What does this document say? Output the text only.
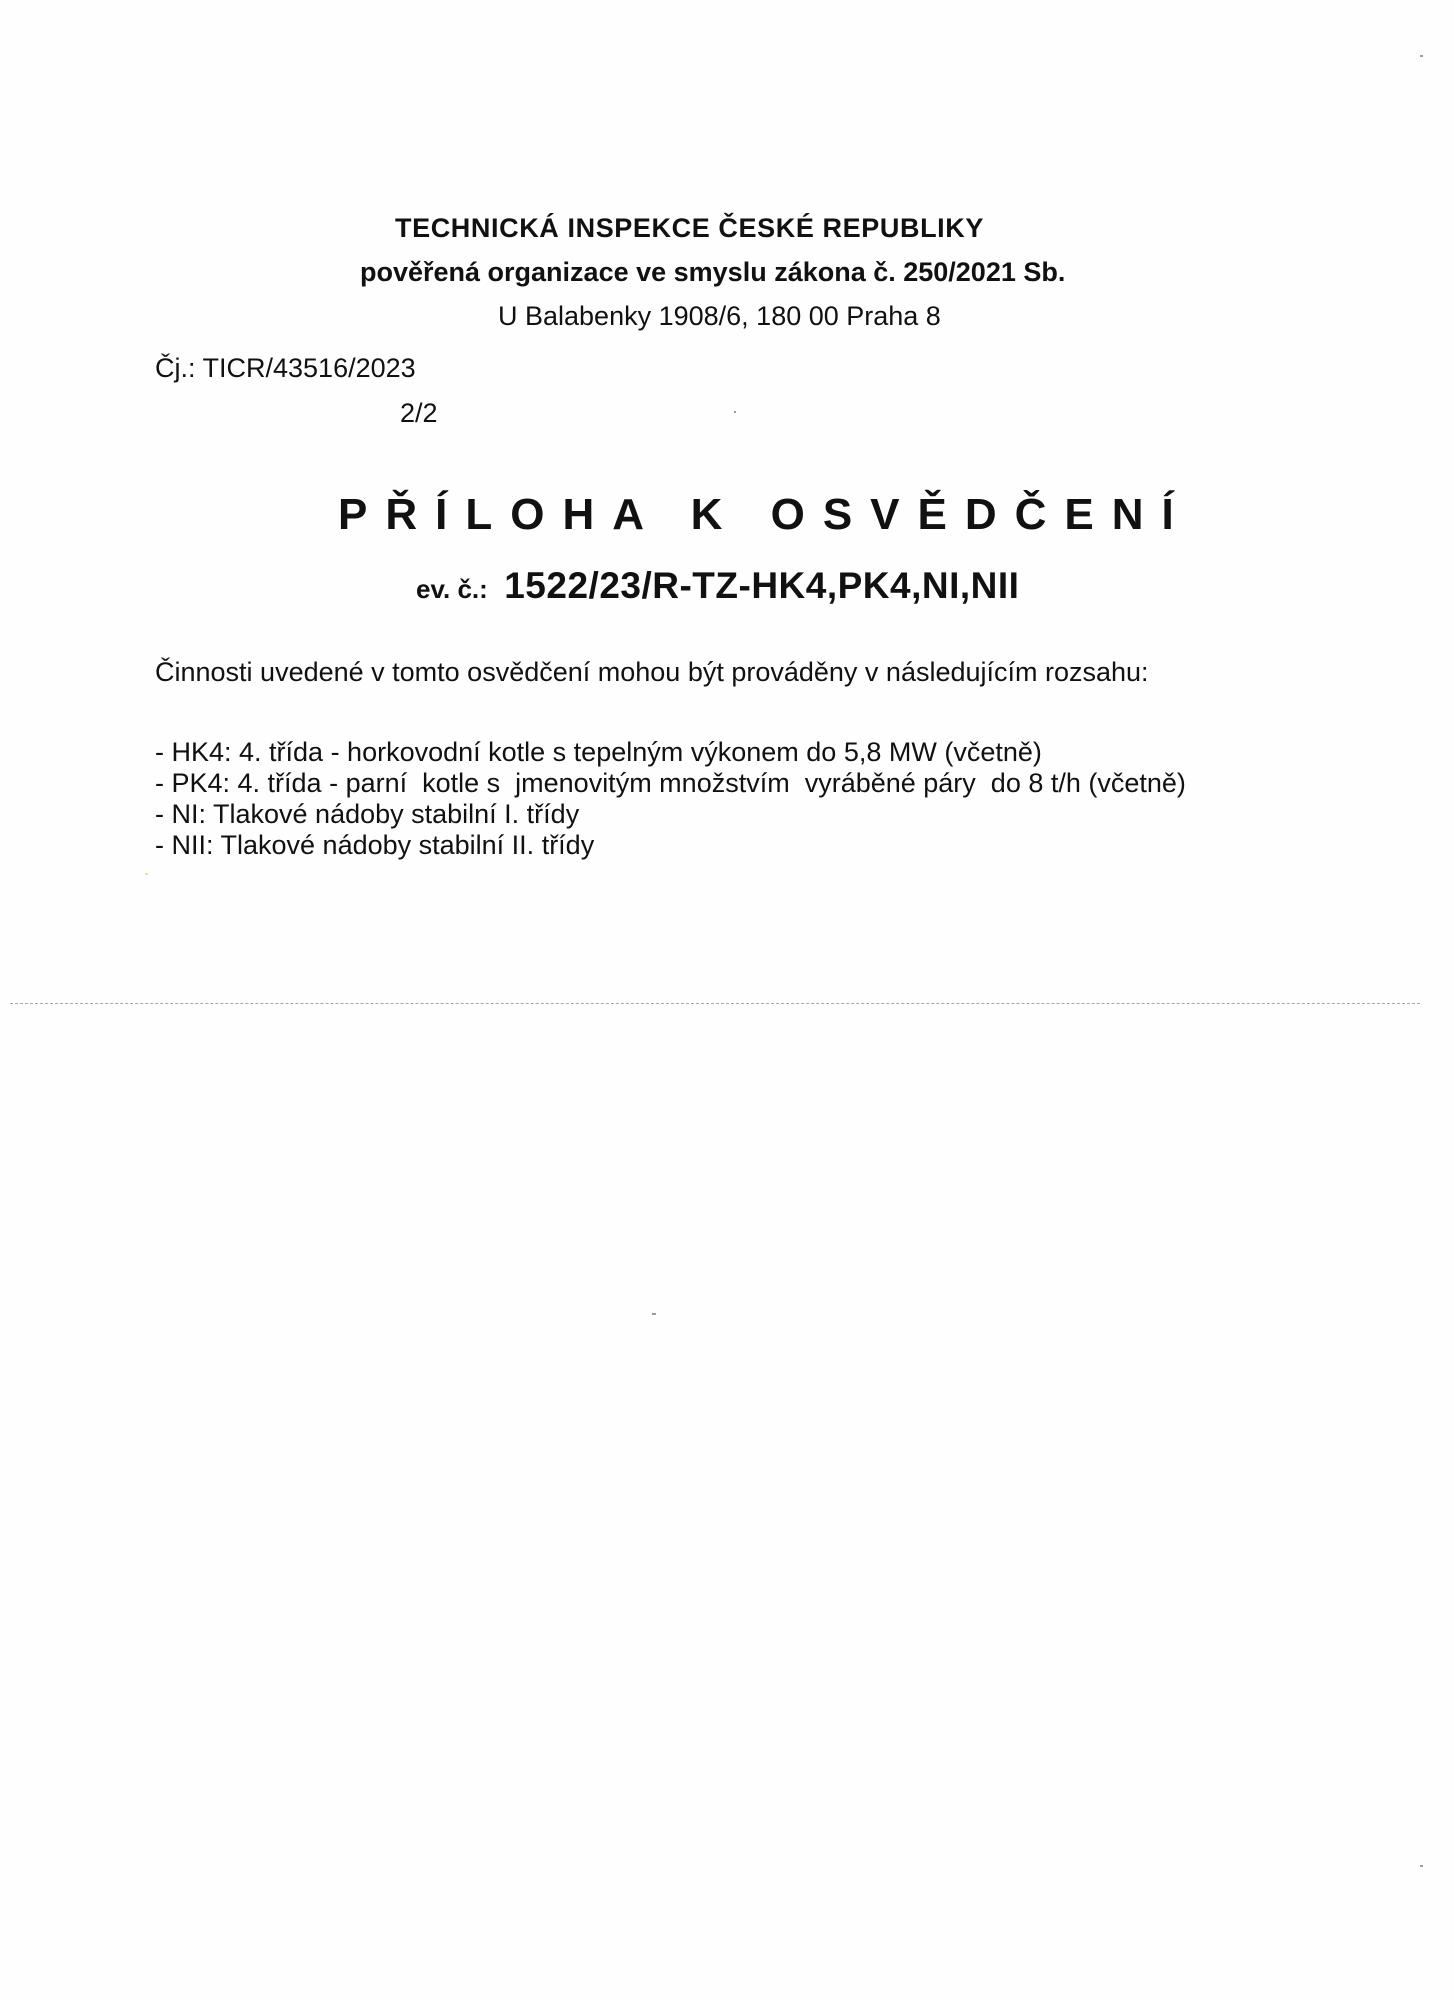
TECHNICKÁ INSPEKCE ČESKÉ REPUBLIKY
pověřená organizace ve smyslu zákona č. 250/2021 Sb.
U Balabenky 1908/6, 180 00 Praha 8
Čj.: TICR/43516/2023
2/2
PŘÍLOHA K OSVĚDČENÍ
ev. č.: 1522/23/R-TZ-HK4,PK4,NI,NII
Činnosti uvedené v tomto osvědčení mohou být prováděny v následujícím rozsahu:
- HK4: 4. třída - horkovodní kotle s tepelným výkonem do 5,8 MW (včetně)
- PK4: 4. třída - parní  kotle s  jmenovitým množstvím  vyráběné páry  do 8 t/h (včetně)
- NI: Tlakové nádoby stabilní I. třídy
- NII: Tlakové nádoby stabilní II. třídy
